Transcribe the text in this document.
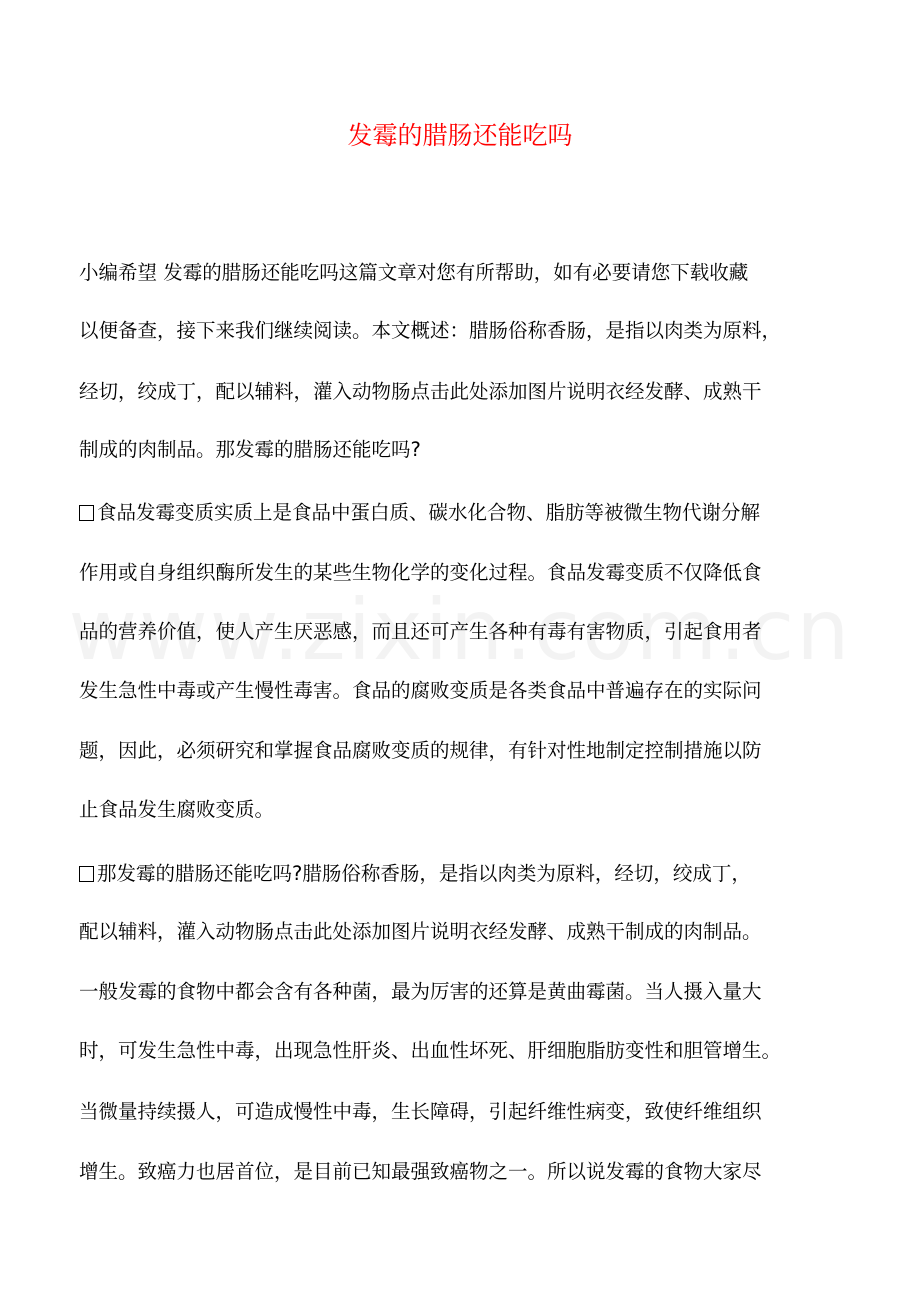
发霉的腊肠还能吃吗

小编希望 发霉的腊肠还能吃吗这篇文章对您有所帮助，如有必要请您下载收藏

以便备查，接下来我们继续阅读。本文概述：腊肠俗称香肠，是指以肉类为原料，

经切，绞成丁，配以辅料，灌入动物肠点击此处添加图片说明衣经发酵、成熟干

制成的肉制品。那发霉的腊肠还能吃吗?

食品发霉变质实质上是食品中蛋白质、碳水化合物、脂肪等被微生物代谢分解

作用或自身组织酶所发生的某些生物化学的变化过程。食品发霉变质不仅降低食

品的营养价值，使人产生厌恶感，而且还可产生各种有毒有害物质，引起食用者

发生急性中毒或产生慢性毒害。食品的腐败变质是各类食品中普遍存在的实际问

题，因此，必须研究和掌握食品腐败变质的规律，有针对性地制定控制措施以防

止食品发生腐败变质。

那发霉的腊肠还能吃吗?腊肠俗称香肠，是指以肉类为原料，经切，绞成丁，

配以辅料，灌入动物肠点击此处添加图片说明衣经发酵、成熟干制成的肉制品。

一般发霉的食物中都会含有各种菌，最为厉害的还算是黄曲霉菌。当人摄入量大

时，可发生急性中毒，出现急性肝炎、出血性坏死、肝细胞脂肪变性和胆管增生。

当微量持续摄人，可造成慢性中毒，生长障碍，引起纤维性病变，致使纤维组织

增生。致癌力也居首位，是目前已知最强致癌物之一。所以说发霉的食物大家尽
